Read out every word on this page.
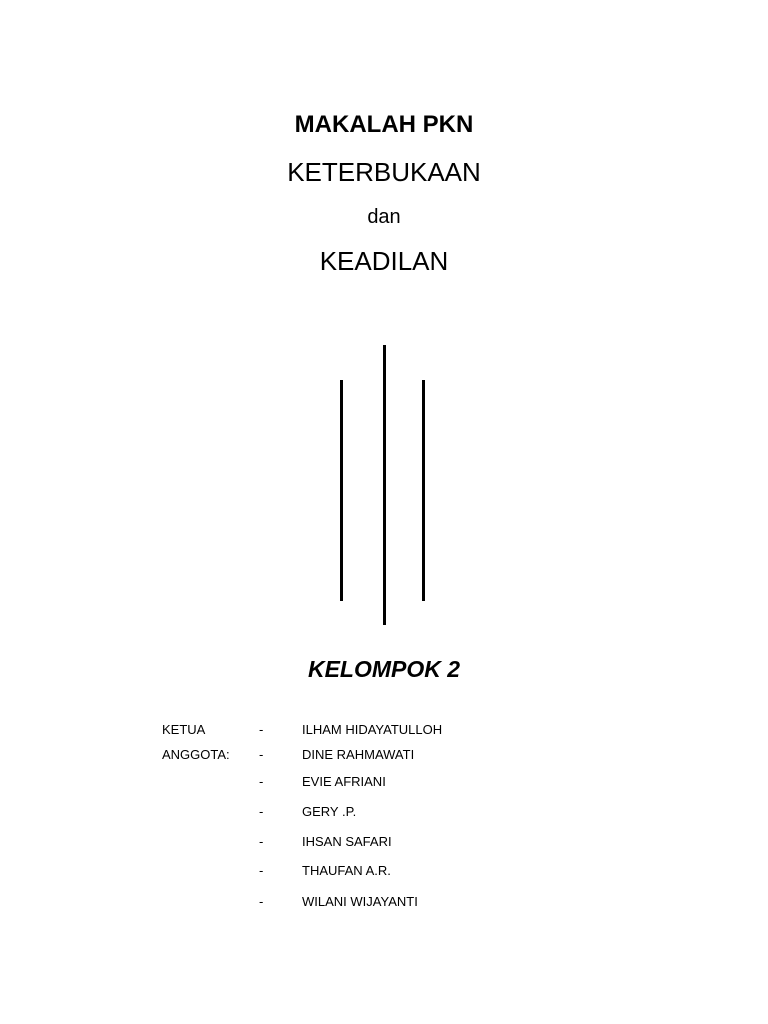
MAKALAH PKN
KETERBUKAAN
dan
KEADILAN
KELOMPOK 2
KETUA	-	ILHAM HIDAYATULLOH
ANGGOTA: -	DINE RAHMAWATI
-	EVIE AFRIANI
-	GERY .P.
-	IHSAN SAFARI
-	THAUFAN A.R.
-	WILANI WIJAYANTI
